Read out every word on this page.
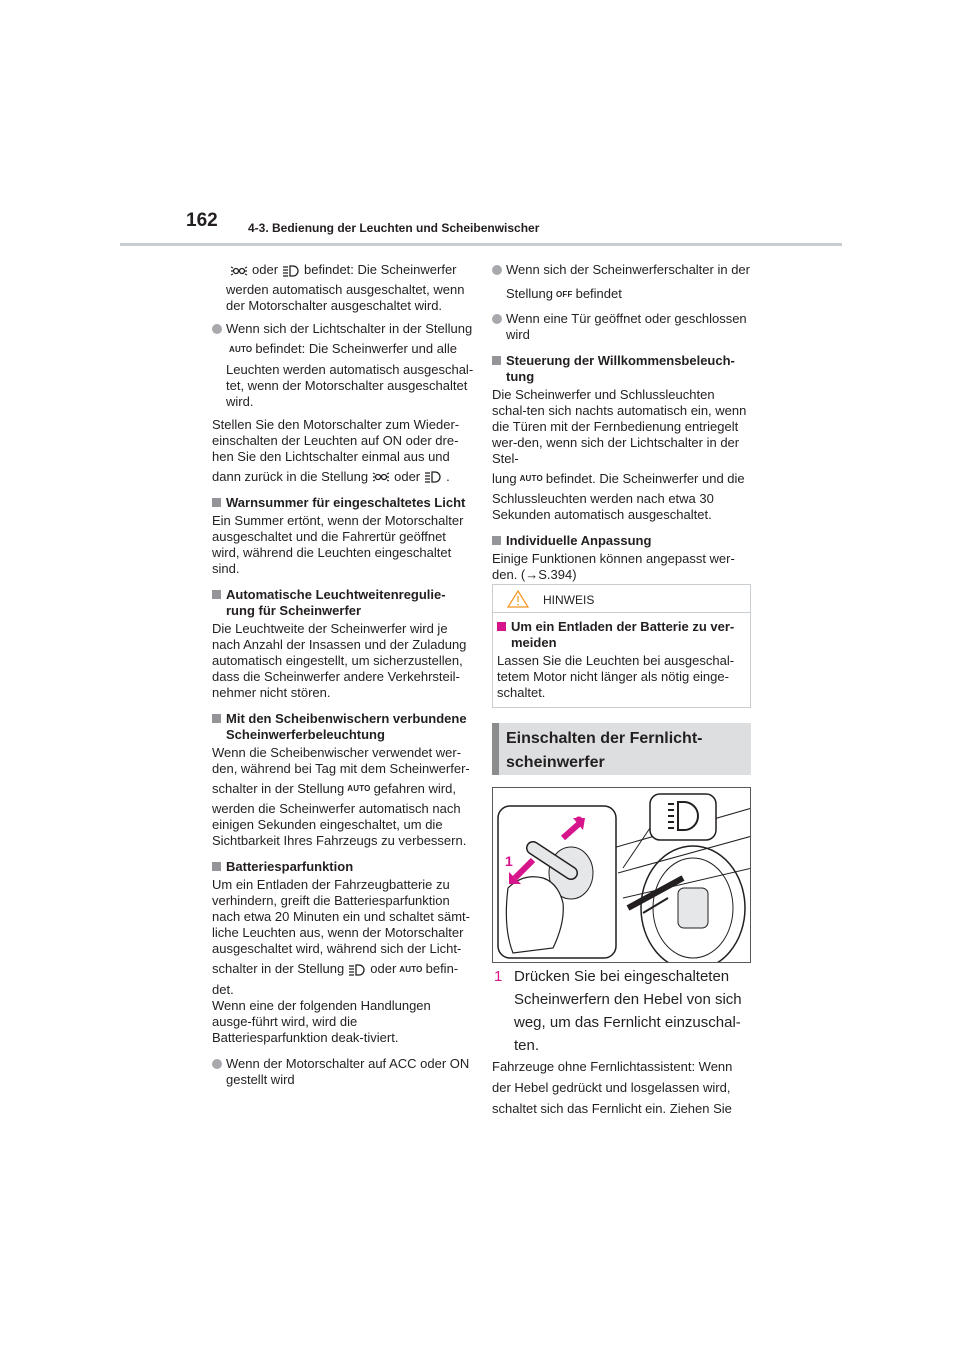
162	4-3. Bedienung der Leuchten und Scheibenwischer

oder befindet: Die Scheinwerfer

werden automatisch ausgeschaltet, wenn der Motorschalter ausgeschaltet wird.

Wenn sich der Lichtschalter in der Stellung
AUTO befindet: Die Scheinwerfer und alle
Leuchten werden automatisch ausgeschal-tet, wenn der Motorschalter ausgeschaltet wird.
Stellen Sie den Motorschalter zum Wieder-einschalten der Leuchten auf ON oder dre-hen Sie den Lichtschalter einmal aus und

dann zurück in die Stellung oder .

Warnsummer für eingeschaltetes Licht

Ein Summer ertönt, wenn der Motorschalter ausgeschaltet und die Fahrertür geöffnet wird, während die Leuchten eingeschaltet sind.

Automatische Leuchtweitenregulie-rung für Scheinwerfer

Die Leuchtweite der Scheinwerfer wird je nach Anzahl der Insassen und der Zuladung automatisch eingestellt, um sicherzustellen, dass die Scheinwerfer andere Verkehrsteil-nehmer nicht stören.

Mit den Scheibenwischern verbundene Scheinwerferbeleuchtung
Wenn die Scheibenwischer verwendet wer-den, während bei Tag mit dem Scheinwerfer-
schalter in der Stellung AUTO gefahren wird,

werden die Scheinwerfer automatisch nach einigen Sekunden eingeschaltet, um die Sichtbarkeit Ihres Fahrzeugs zu verbessern.

Batteriesparfunktion
Um ein Entladen der Fahrzeugbatterie zu verhindern, greift die Batteriesparfunktion nach etwa 20 Minuten ein und schaltet sämt-liche Leuchten aus, wenn der Motorschalter ausgeschaltet wird, während sich der Licht-
schalter in der Stellung oder AUTO befin-
det.

Wenn eine der folgenden Handlungen ausge-führt wird, wird die Batteriesparfunktion deak-tiviert.

Wenn der Motorschalter auf ACC oder ON gestellt wird
Wenn sich der Scheinwerferschalter in der
Stellung OFF befindet
Wenn eine Tür geöffnet oder geschlossen wird
Steuerung der Willkommensbeleuch-tung
Die Scheinwerfer und Schlussleuchten schal-ten sich nachts automatisch ein, wenn die Türen mit der Fernbedienung entriegelt wer-den, wenn sich der Lichtschalter in der Stel-
lung AUTO befindet. Die Scheinwerfer und die

Schlussleuchten werden nach etwa 30 Sekunden automatisch ausgeschaltet.

Individuelle Anpassung

Einige Funktionen können angepasst wer-den. (→S.394)

HINWEIS
Um ein Entladen der Batterie zu ver-meiden

Lassen Sie die Leuchten bei ausgeschal-tetem Motor nicht länger als nötig einge-schaltet.

Einschalten der Fernlicht-scheinwerfer
2
1
1 Drücken Sie bei eingeschalteten Scheinwerfern den Hebel von sich weg, um das Fernlicht einzuschal-ten.
Fahrzeuge ohne Fernlichtassistent: Wenn der Hebel gedrückt und losgelassen wird, schaltet sich das Fernlicht ein. Ziehen Sie
